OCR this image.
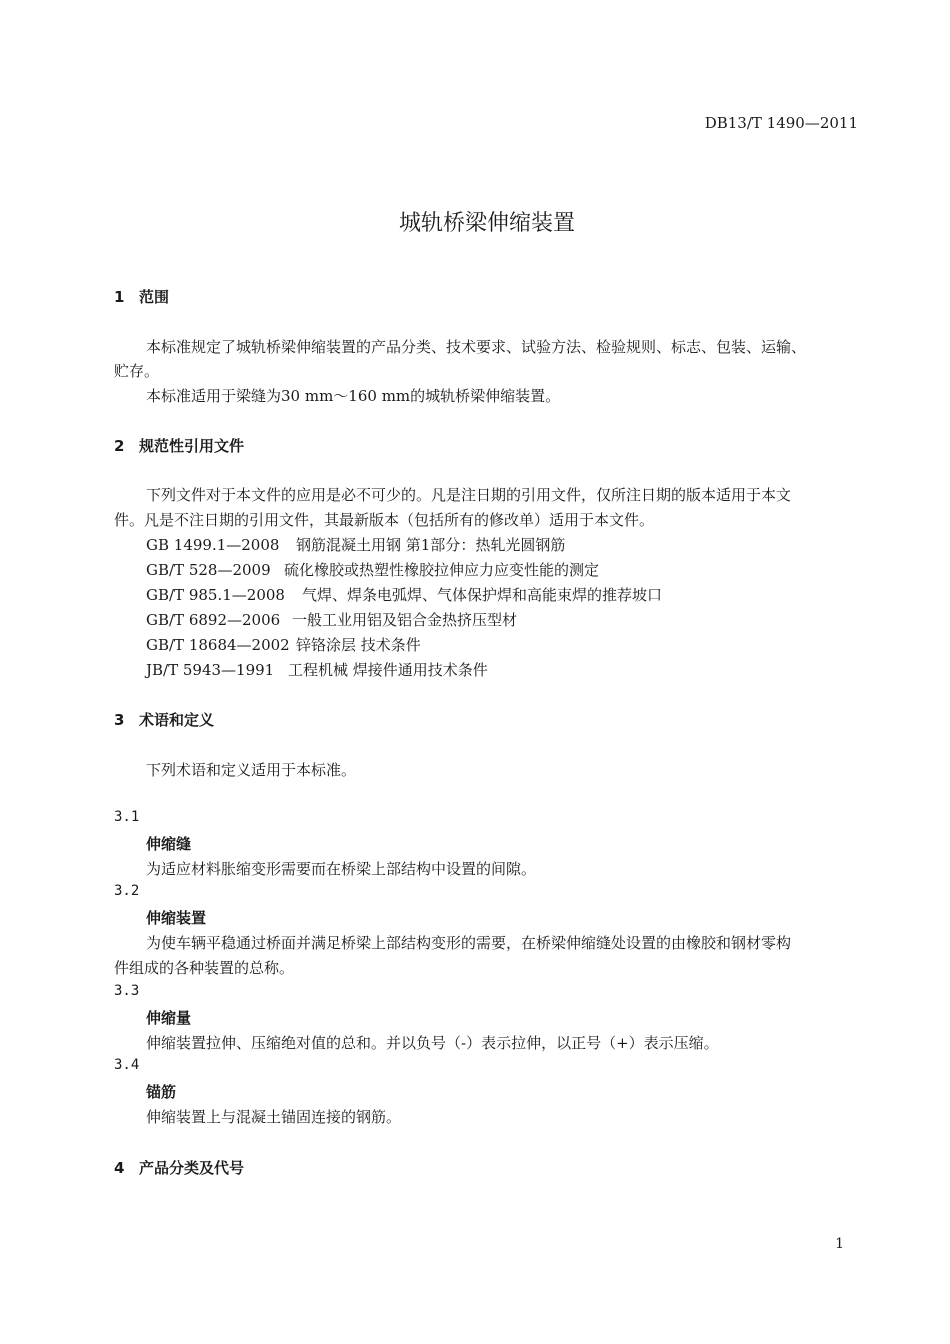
DB13/T 1490—2011
城轨桥梁伸缩装置
1 范围
本标准规定了城轨桥梁伸缩装置的产品分类、技术要求、试验方法、检验规则、标志、包装、运输、
贮存。
本标准适用于梁缝为30 mm～160 mm的城轨桥梁伸缩装置。
2 规范性引用文件
下列文件对于本文件的应用是必不可少的。凡是注日期的引用文件，仅所注日期的版本适用于本文
件。凡是不注日期的引用文件，其最新版本（包括所有的修改单）适用于本文件。
GB 1499.1—2008 钢筋混凝土用钢 第1部分：热轧光圆钢筋
GB/T 528—2009 硫化橡胶或热塑性橡胶拉伸应力应变性能的测定
GB/T 985.1—2008 气焊、焊条电弧焊、气体保护焊和高能束焊的推荐坡口
GB/T 6892—2006 一般工业用铝及铝合金热挤压型材
GB/T 18684—2002 锌铬涂层 技术条件
JB/T 5943—1991 工程机械 焊接件通用技术条件
3 术语和定义
下列术语和定义适用于本标准。
3.1
伸缩缝
为适应材料胀缩变形需要而在桥梁上部结构中设置的间隙。
3.2
伸缩装置
为使车辆平稳通过桥面并满足桥梁上部结构变形的需要，在桥梁伸缩缝处设置的由橡胶和钢材零构
件组成的各种装置的总称。
3.3
伸缩量
伸缩装置拉伸、压缩绝对值的总和。并以负号（-）表示拉伸，以正号（+）表示压缩。
3.4
锚筋
伸缩装置上与混凝土锚固连接的钢筋。
4 产品分类及代号
1
